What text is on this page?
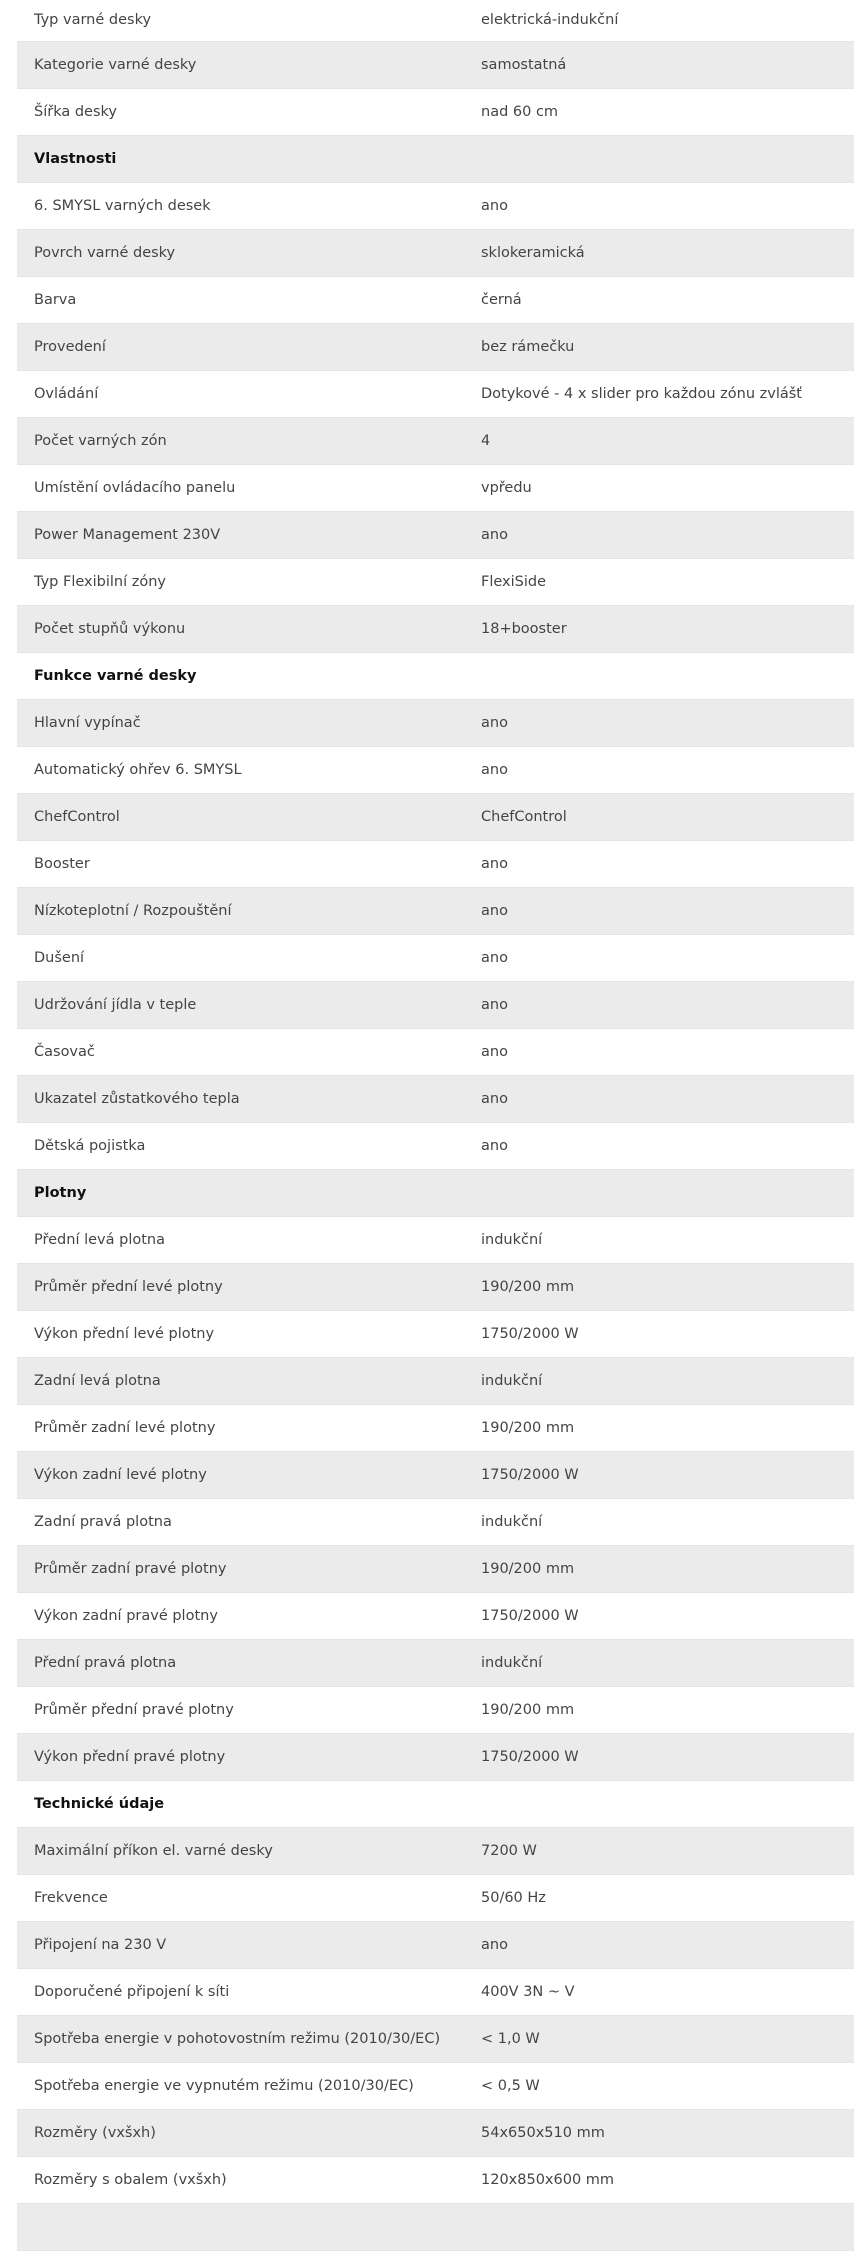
Typ varné desky	elektrická-indukční
Kategorie varné desky	samostatná
Šířka desky	nad 60 cm
Vlastnosti	
6. SMYSL varných desek	ano
Povrch varné desky	sklokeramická
Barva	černá
Provedení	bez rámečku
Ovládání	Dotykové - 4 x slider pro každou zónu zvlášť
Počet varných zón	4
Umístění ovládacího panelu	vpředu
Power Management 230V	ano
Typ Flexibilní zóny	FlexiSide
Počet stupňů výkonu	18+booster
Funkce varné desky	
Hlavní vypínač	ano
Automatický ohřev 6. SMYSL	ano
ChefControl	ChefControl
Booster	ano
Nízkoteplotní / Rozpouštění	ano
Dušení	ano
Udržování jídla v teple	ano
Časovač	ano
Ukazatel zůstatkového tepla	ano
Dětská pojistka	ano
Plotny	
Přední levá plotna	indukční
Průměr přední levé plotny	190/200 mm
Výkon přední levé plotny	1750/2000 W
Zadní levá plotna	indukční
Průměr zadní levé plotny	190/200 mm
Výkon zadní levé plotny	1750/2000 W
Zadní pravá plotna	indukční
Průměr zadní pravé plotny	190/200 mm
Výkon zadní pravé plotny	1750/2000 W
Přední pravá plotna	indukční
Průměr přední pravé plotny	190/200 mm
Výkon přední pravé plotny	1750/2000 W
Technické údaje	
Maximální příkon el. varné desky	7200 W
Frekvence	50/60 Hz
Připojení na 230 V	ano
Doporučené připojení k síti	400V 3N ~ V
Spotřeba energie v pohotovostním režimu (2010/30/EC)	< 1,0 W
Spotřeba energie ve vypnutém režimu (2010/30/EC)	< 0,5 W
Rozměry (vxšxh)	54x650x510 mm
Rozměry s obalem (vxšxh)	120x850x600 mm
